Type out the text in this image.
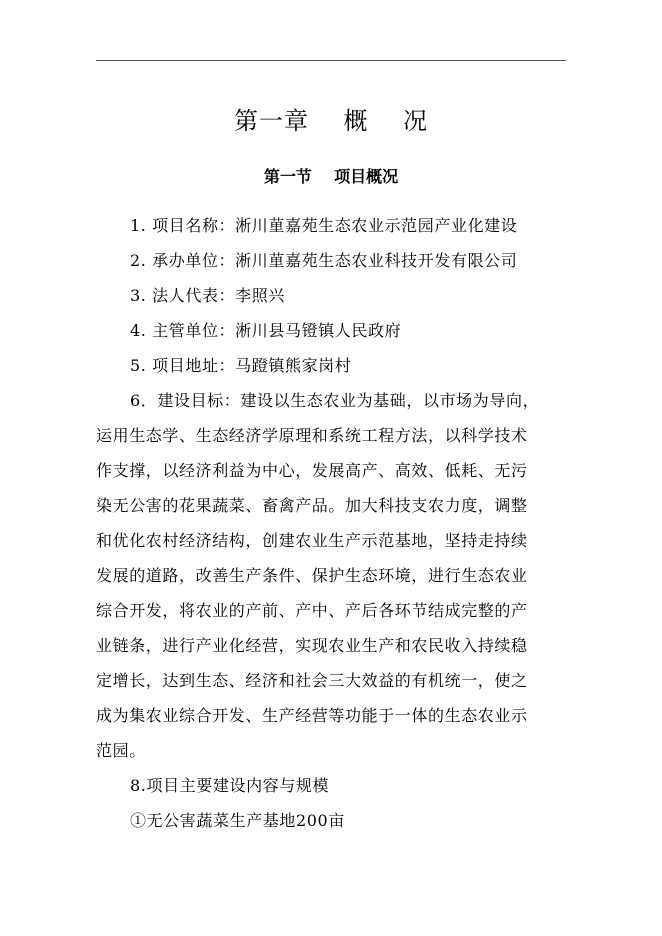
第一章    概    况
第一节    项目概况

1. 项目名称：淅川荲嘉苑生态农业示范园产业化建设

2. 承办单位：淅川荲嘉苑生态农业科技开发有限公司

3. 法人代表：李照兴

4. 主管单位：淅川县马镫镇人民政府

5. 项目地址：马蹬镇熊家岗村

6．建设目标：建设以生态农业为基础，以市场为导向，

运用生态学、生态经济学原理和系统工程方法，以科学技术

作支撑，以经济利益为中心，发展高产、高效、低耗、无污

染无公害的花果蔬菜、畜禽产品。加大科技支农力度，调整

和优化农村经济结构，创建农业生产示范基地，坚持走持续

发展的道路，改善生产条件、保护生态环境，进行生态农业

综合开发，将农业的产前、产中、产后各环节结成完整的产

业链条，进行产业化经营，实现农业生产和农民收入持续稳

定增长，达到生态、经济和社会三大效益的有机统一，使之

成为集农业综合开发、生产经营等功能于一体的生态农业示

范园。

8.项目主要建设内容与规模

①无公害蔬菜生产基地200亩
